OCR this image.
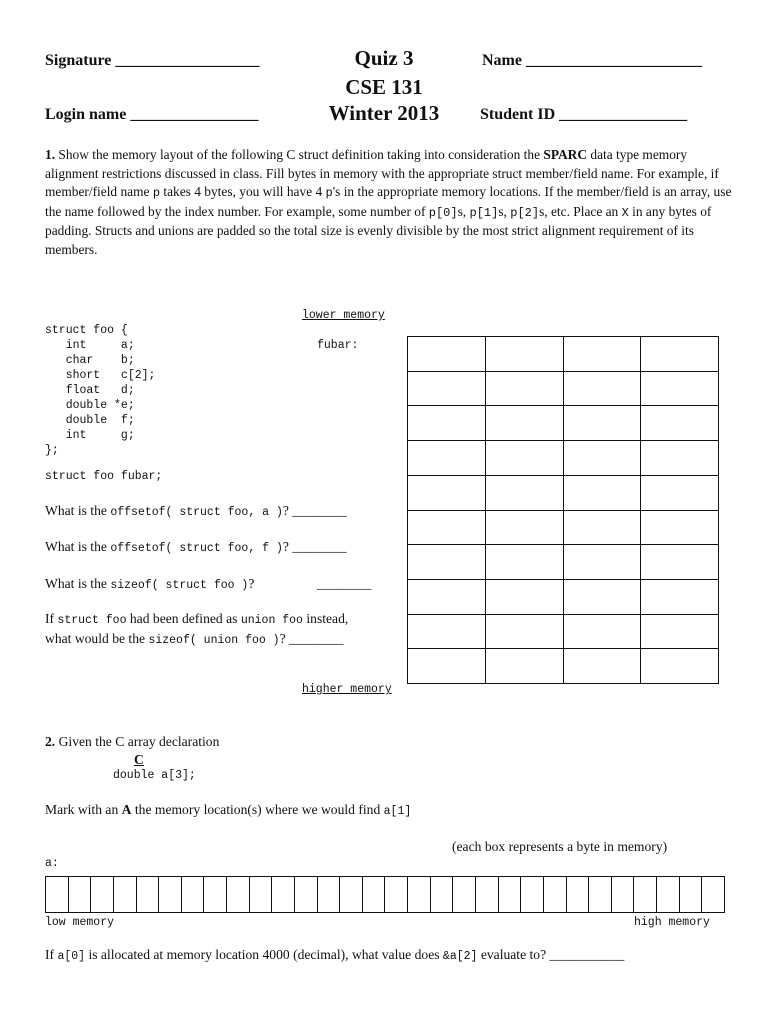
Signature __________________
Login name ________________
Quiz 3
CSE 131
Winter 2013
Name ______________________
Student ID ________________
1. Show the memory layout of the following C struct definition taking into consideration the SPARC data type memory alignment restrictions discussed in class. Fill bytes in memory with the appropriate struct member/field name. For example, if member/field name p takes 4 bytes, you will have 4 p's in the appropriate memory locations. If the member/field is an array, use the name followed by the index number. For example, some number of p[0]s, p[1]s, p[2]s, etc. Place an X in any bytes of padding. Structs and unions are padded so the total size is evenly divisible by the most strict alignment requirement of its members.
lower memory
struct foo {
int     a;
char    b;
short   c[2];
float   d;
double *e;
double  f;
int     g;
};
fubar:
struct foo fubar;
What is the offsetof( struct foo, a )? ________
What is the offsetof( struct foo, f )? ________
What is the sizeof( struct foo )?	________
If struct foo had been defined as union foo instead,
what would be the sizeof( union foo )? ________
higher memory
2. Given the C array declaration
C
double a[3];
Mark with an A the memory location(s) where we would find a[1]
(each box represents a byte in memory)
a:
low memory	high memory
If a[0] is allocated at memory location 4000 (decimal), what value does &a[2] evaluate to? ___________
